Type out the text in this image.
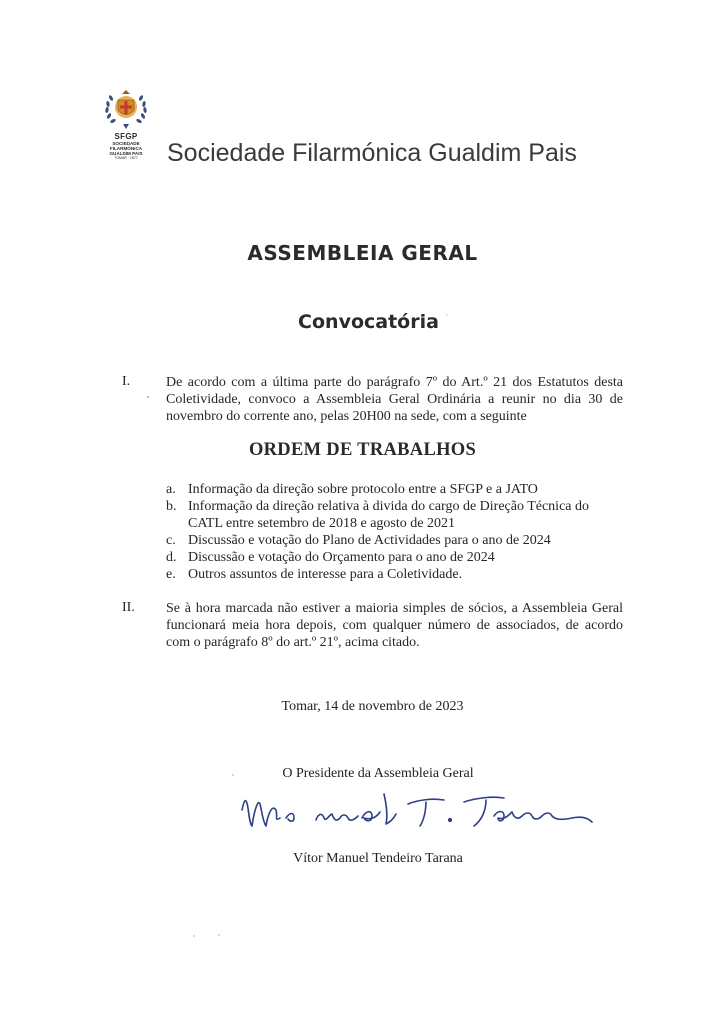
SFGP
SOCIEDADE
FILARMÓNICA
GUALDIM PAIS
TOMAR · 1877	Sociedade Filarmónica Gualdim Pais
ASSEMBLEIA GERAL
Convocatória
I.	De acordo com a última parte do parágrafo 7º do Art.º 21 dos Estatutos desta Coletividade, convoco a Assembleia Geral Ordinária a reunir no dia 30 de novembro do corrente ano, pelas 20H00 na sede, com a seguinte

ORDEM DE TRABALHOS
a. Informação da direção sobre protocolo entre a SFGP e a JATO
b. Informação da direção relativa à divida do cargo de Direção Técnica do CATL entre setembro de 2018 e agosto de 2021
c. Discussão e votação do Plano de Actividades para o ano de 2024
d. Discussão e votação do Orçamento para o ano de 2024
e. Outros assuntos de interesse para a Coletividade.
II. Se à hora marcada não estiver a maioria simples de sócios, a Assembleia Geral funcionará meia hora depois, com qualquer número de associados, de acordo com o parágrafo 8º do art.º 21º, acima citado.

Tomar, 14 de novembro de 2023
O Presidente da Assembleia Geral
Vítor Manuel Tendeiro Tarana
